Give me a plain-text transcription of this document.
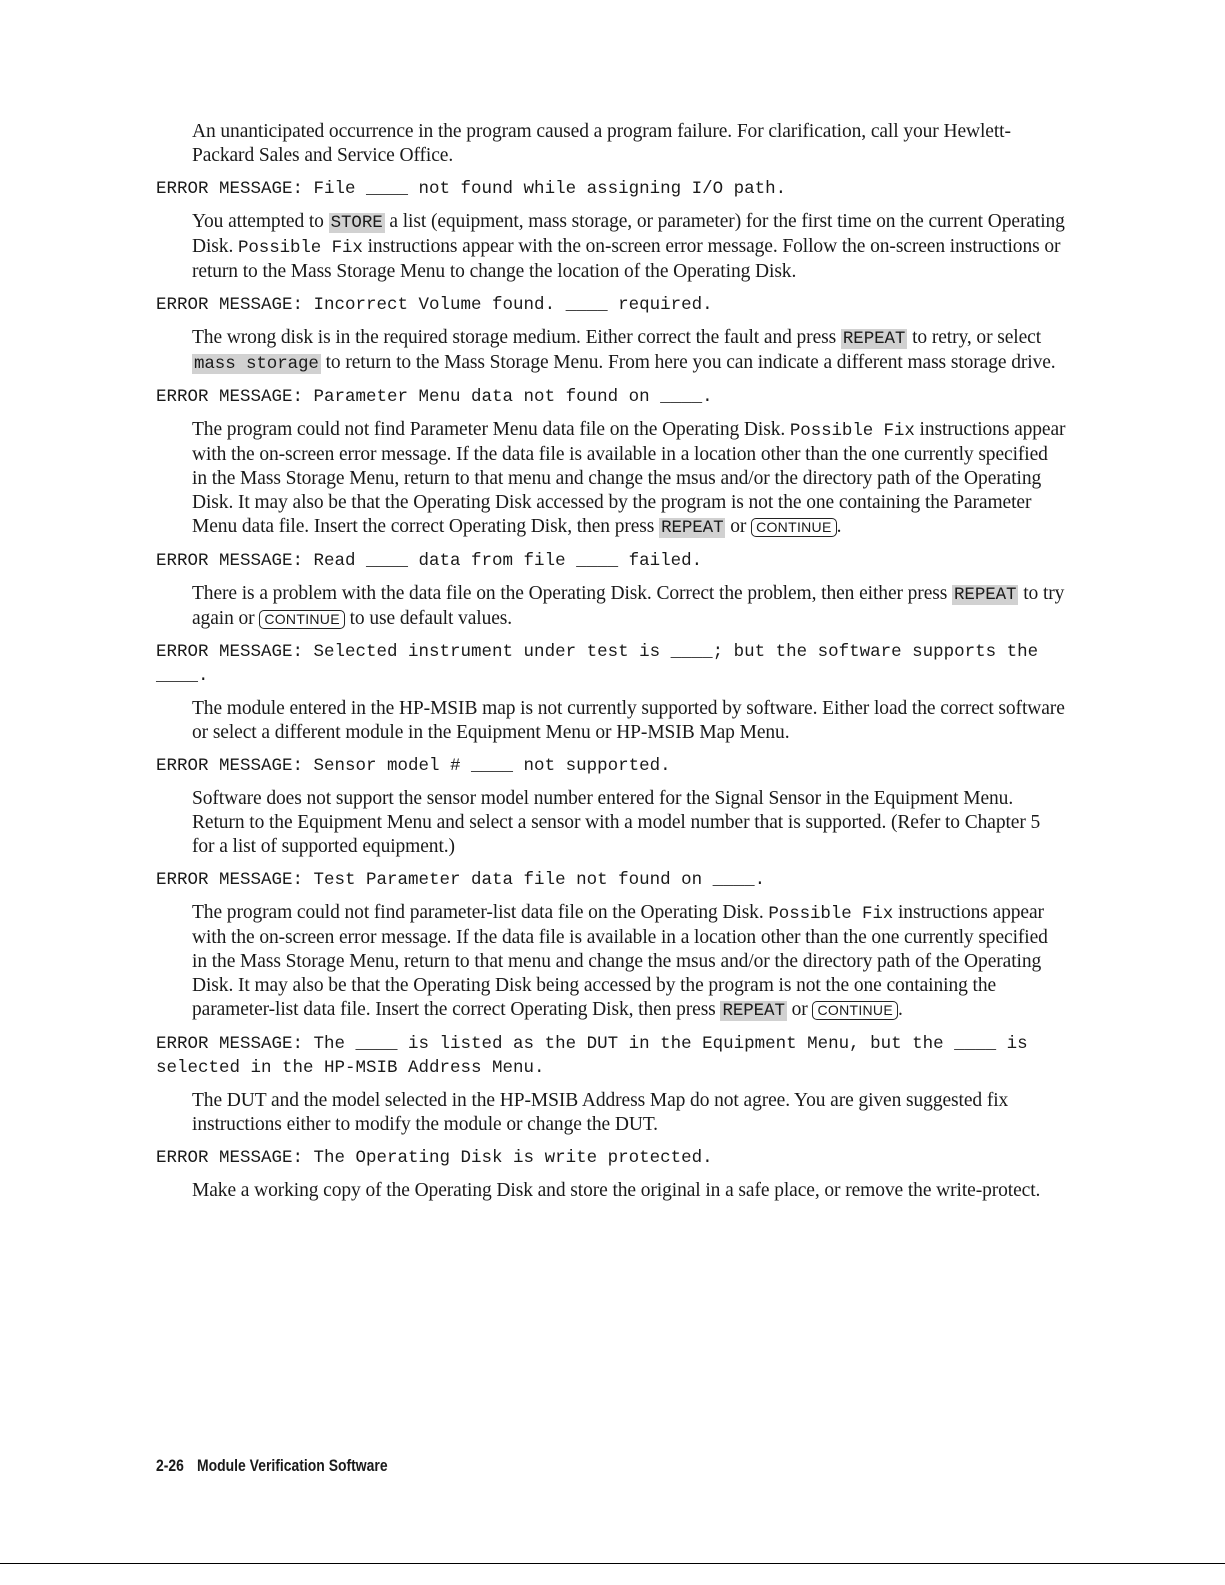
An unanticipated occurrence in the program caused a program failure. For clarification, call your Hewlett-Packard Sales and Service Office.

ERROR MESSAGE: File ____ not found while assigning I/O path.

You attempted to STORE a list (equipment, mass storage, or parameter) for the first time on the current Operating Disk. Possible Fix instructions appear with the on-screen error message. Follow the on-screen instructions or return to the Mass Storage Menu to change the location of the Operating Disk.

ERROR MESSAGE: Incorrect Volume found. ____ required.

The wrong disk is in the required storage medium. Either correct the fault and press REPEAT to retry, or select mass storage to return to the Mass Storage Menu. From here you can indicate a different mass storage drive.

ERROR MESSAGE: Parameter Menu data not found on ____.

The program could not find Parameter Menu data file on the Operating Disk. Possible Fix instructions appear with the on-screen error message. If the data file is available in a location other than the one currently specified in the Mass Storage Menu, return to that menu and change the msus and/or the directory path of the Operating Disk. It may also be that the Operating Disk accessed by the program is not the one containing the Parameter Menu data file. Insert the correct Operating Disk, then press REPEAT or CONTINUE .

ERROR MESSAGE: Read ____ data from file ____ failed.

There is a problem with the data file on the Operating Disk. Correct the problem, then either press REPEAT to try again or CONTINUE to use default values.

ERROR MESSAGE: Selected instrument under test is ____; but the software supports the ____.

The module entered in the HP-MSIB map is not currently supported by software. Either load the correct software or select a different module in the Equipment Menu or HP-MSIB Map Menu.

ERROR MESSAGE: Sensor model # ____ not supported.

Software does not support the sensor model number entered for the Signal Sensor in the Equipment Menu. Return to the Equipment Menu and select a sensor with a model number that is supported. (Refer to Chapter 5 for a list of supported equipment.)

ERROR MESSAGE: Test Parameter data file not found on ____.

The program could not find parameter-list data file on the Operating Disk. Possible Fix instructions appear with the on-screen error message. If the data file is available in a location other than the one currently specified in the Mass Storage Menu, return to that menu and change the msus and/or the directory path of the Operating Disk. It may also be that the Operating Disk being accessed by the program is not the one containing the parameter-list data file. Insert the correct Operating Disk, then press REPEAT or CONTINUE .

ERROR MESSAGE: The ____ is listed as the DUT in the Equipment Menu, but the ____ is selected in the HP-MSIB Address Menu.

The DUT and the model selected in the HP-MSIB Address Map do not agree. You are given suggested fix instructions either to modify the module or change the DUT.

ERROR MESSAGE: The Operating Disk is write protected.

Make a working copy of the Operating Disk and store the original in a safe place, or remove the write-protect.

2-26 Module Verification Software
